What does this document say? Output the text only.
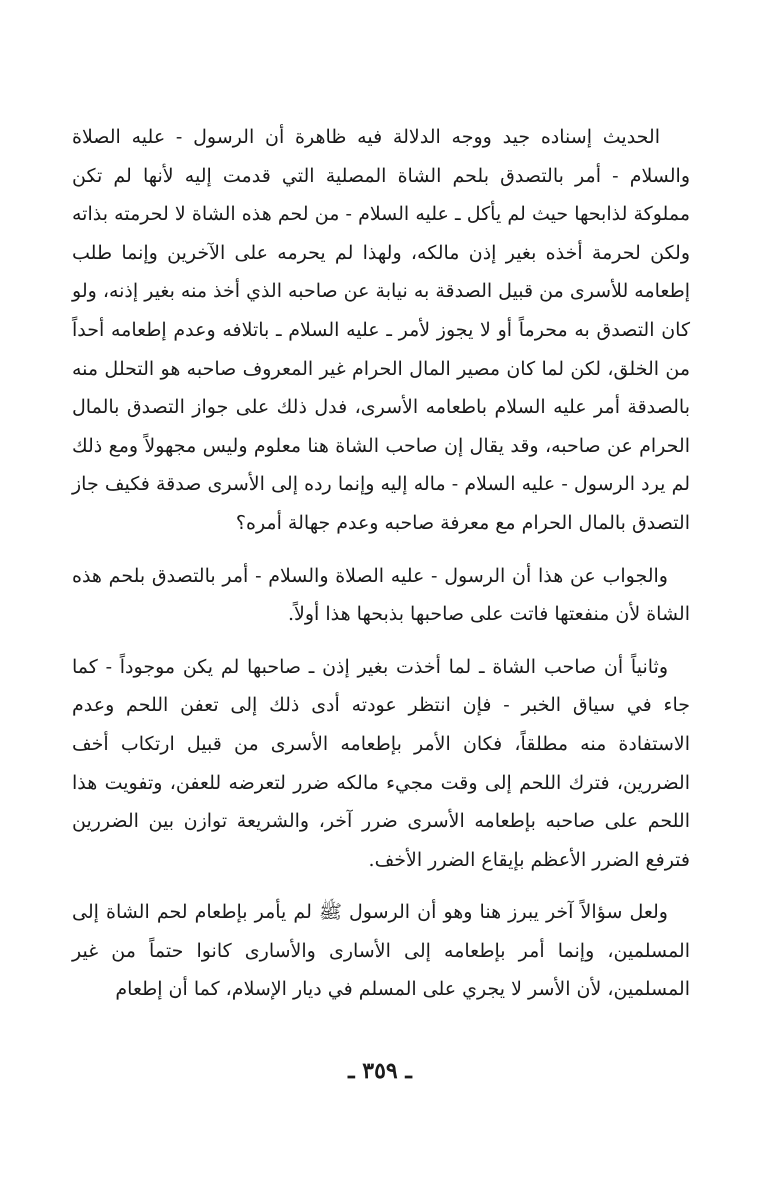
الحديث إسناده جيد ووجه الدلالة فيه ظاهرة أن الرسول - عليه الصلاة والسلام - أمر بالتصدق بلحم الشاة المصلية التي قدمت إليه لأنها لم تكن مملوكة لذابحها حيث لم يأكل ـ عليه السلام - من لحم هذه الشاة لا لحرمته بذاته ولكن لحرمة أخذه بغير إذن مالكه، ولهذا لم يحرمه على الآخرين وإنما طلب إطعامه للأسرى من قبيل الصدقة به نيابة عن صاحبه الذي أخذ منه بغير إذنه، ولو كان التصدق به محرماً أو لا يجوز لأمر ـ عليه السلام ـ باتلافه وعدم إطعامه أحداً من الخلق، لكن لما كان مصير المال الحرام غير المعروف صاحبه هو التحلل منه بالصدقة أمر عليه السلام باطعامه الأسرى، فدل ذلك على جواز التصدق بالمال الحرام عن صاحبه، وقد يقال إن صاحب الشاة هنا معلوم وليس مجهولاً ومع ذلك لم يرد الرسول - عليه السلام - ماله إليه وإنما رده إلى الأسرى صدقة فكيف جاز التصدق بالمال الحرام مع معرفة صاحبه وعدم جهالة أمره؟

والجواب عن هذا أن الرسول - عليه الصلاة والسلام - أمر بالتصدق بلحم هذه الشاة لأن منفعتها فاتت على صاحبها بذبحها هذا أولاً.

وثانياً أن صاحب الشاة ـ لما أخذت بغير إذن ـ صاحبها لم يكن موجوداً - كما جاء في سياق الخبر - فإن انتظر عودته أدى ذلك إلى تعفن اللحم وعدم الاستفادة منه مطلقاً، فكان الأمر بإطعامه الأسرى من قبيل ارتكاب أخف الضررين، فترك اللحم إلى وقت مجيء مالكه ضرر لتعرضه للعفن، وتفويت هذا اللحم على صاحبه بإطعامه الأسرى ضرر آخر، والشريعة توازن بين الضررين فترفع الضرر الأعظم بإيقاع الضرر الأخف.

ولعل سؤالاً آخر يبرز هنا وهو أن الرسول ﷺ لم يأمر بإطعام لحم الشاة إلى المسلمين، وإنما أمر بإطعامه إلى الأسارى والأسارى كانوا حتماً من غير المسلمين، لأن الأسر لا يجري على المسلم في ديار الإسلام، كما أن إطعام

ـ ٣٥٩ ـ
